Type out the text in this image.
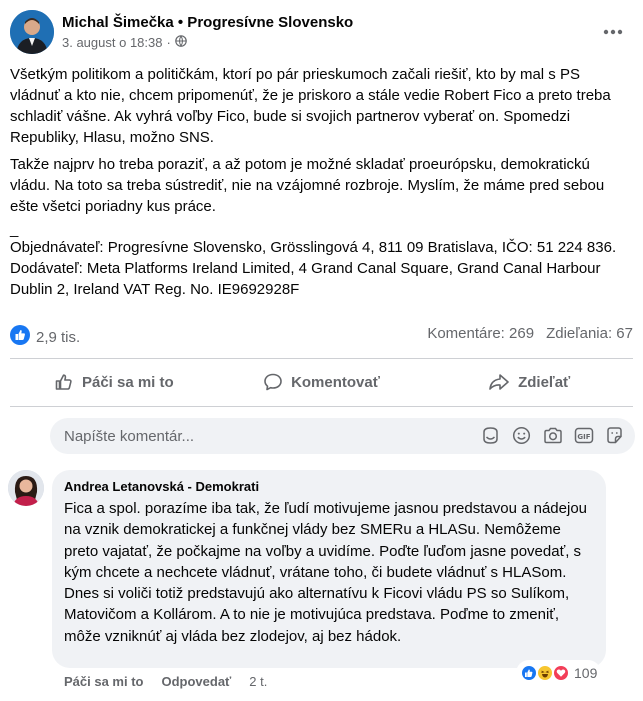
Michal Šimečka • Progresívne Slovensko
3. august o 18:38 ·

Všetkým politikom a političkám, ktorí po pár prieskumoch začali riešiť, kto by mal s PS vládnuť a kto nie, chcem pripomenúť, že je priskoro a stále vedie Robert Fico a preto treba schladiť vášne. Ak vyhrá voľby Fico, bude si svojich partnerov vyberať on. Spomedzi Republiky, Hlasu, možno SNS.

Takže najprv ho treba poraziť, a až potom je možné skladať proeurópsku, demokratickú vládu. Na toto sa treba sústrediť, nie na vzájomné rozbroje. Myslím, že máme pred sebou ešte všetci poriadny kus práce.

_

Objednávateľ: Progresívne Slovensko, Grösslingová 4, 811 09 Bratislava, IČO: 51 224 836.
Dodávateľ: Meta Platforms Ireland Limited, 4 Grand Canal Square, Grand Canal Harbour Dublin 2, Ireland VAT Reg. No. IE9692928F

2,9 tis.	Komentáre: 269 Zdieľania: 67
Páči sa mi to	Komentovať	Zdieľať
Napíšte komentár...
GIF
Andrea Letanovská - Demokrati
Fica a spol. porazíme iba tak, že ľudí motivujeme jasnou predstavou a nádejou na vznik demokratickej a funkčnej vlády bez SMERu a HLASu. Nemôžeme preto vajatať, že počkajme na voľby a uvidíme. Poďte ľuďom jasne povedať, s kým chcete a nechcete vládnuť, vrátane toho, či budete vládnuť s HLASom. Dnes si voliči totiž predstavujú ako alternatívu k Ficovi vládu PS so Sulíkom, Matovičom a Kollárom. A to nie je motivujúca predstava. Poďme to zmeniť, môže vzniknúť aj vláda bez zlodejov, aj bez hádok.
109
Páči sa mi to Odpovedať 2 t.
